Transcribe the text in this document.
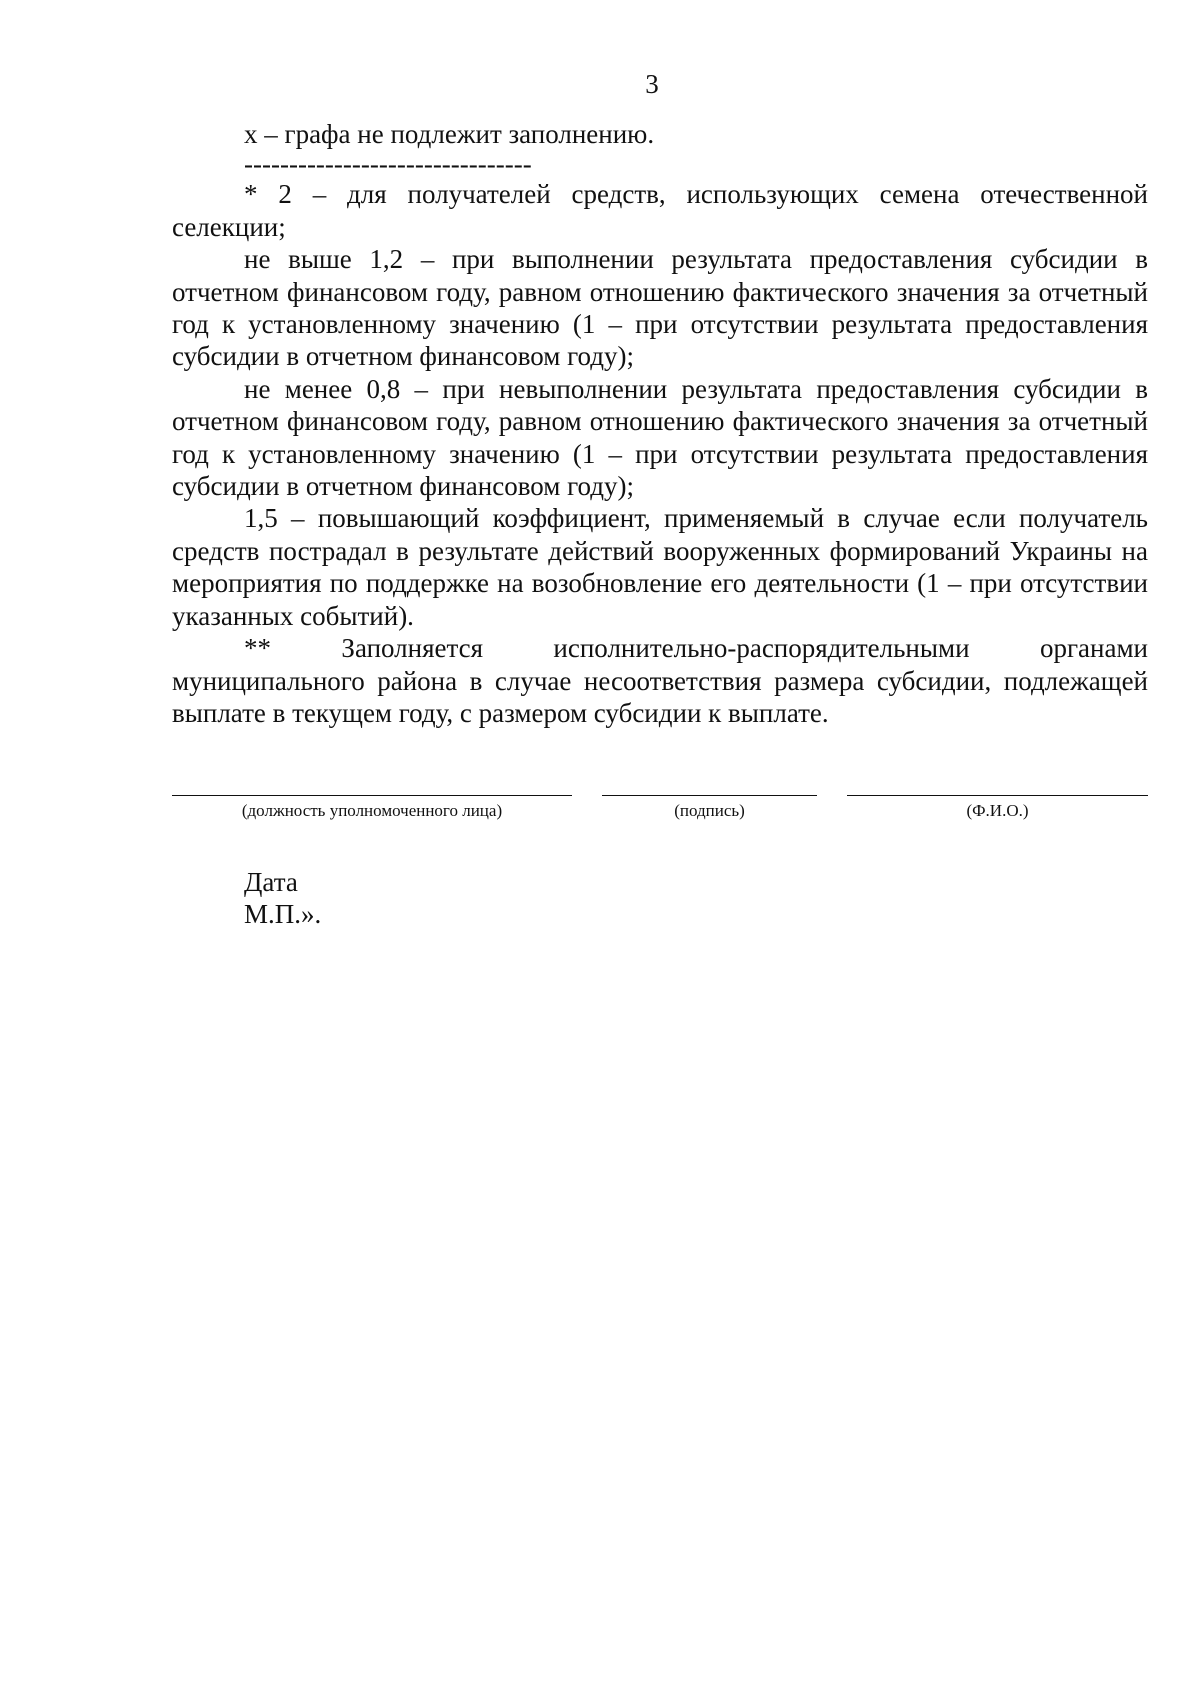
3

х – графа не подлежит заполнению.

--------------------------------

* 2 – для получателей средств, использующих семена отечественной селекции;

не выше 1,2 – при выполнении результата предоставления субсидии в отчетном финансовом году, равном отношению фактического значения за отчетный год к установленному значению (1 – при отсутствии результата предоставления субсидии в отчетном финансовом году);

не менее 0,8 – при невыполнении результата предоставления субсидии в отчетном финансовом году, равном отношению фактического значения за отчетный год к установленному значению (1 – при отсутствии результата предоставления субсидии в отчетном финансовом году);

1,5 – повышающий коэффициент, применяемый в случае если получатель средств пострадал в результате действий вооруженных формирований Украины на мероприятия по поддержке на возобновление его деятельности (1 – при отсутствии указанных событий).

** Заполняется исполнительно-распорядительными органами муниципального района в случае несоответствия размера субсидии, подлежащей выплате в текущем году, с размером субсидии к выплате.

(должность уполномоченного лица)	(подпись)	(Ф.И.О.)
Дата
М.П.».
